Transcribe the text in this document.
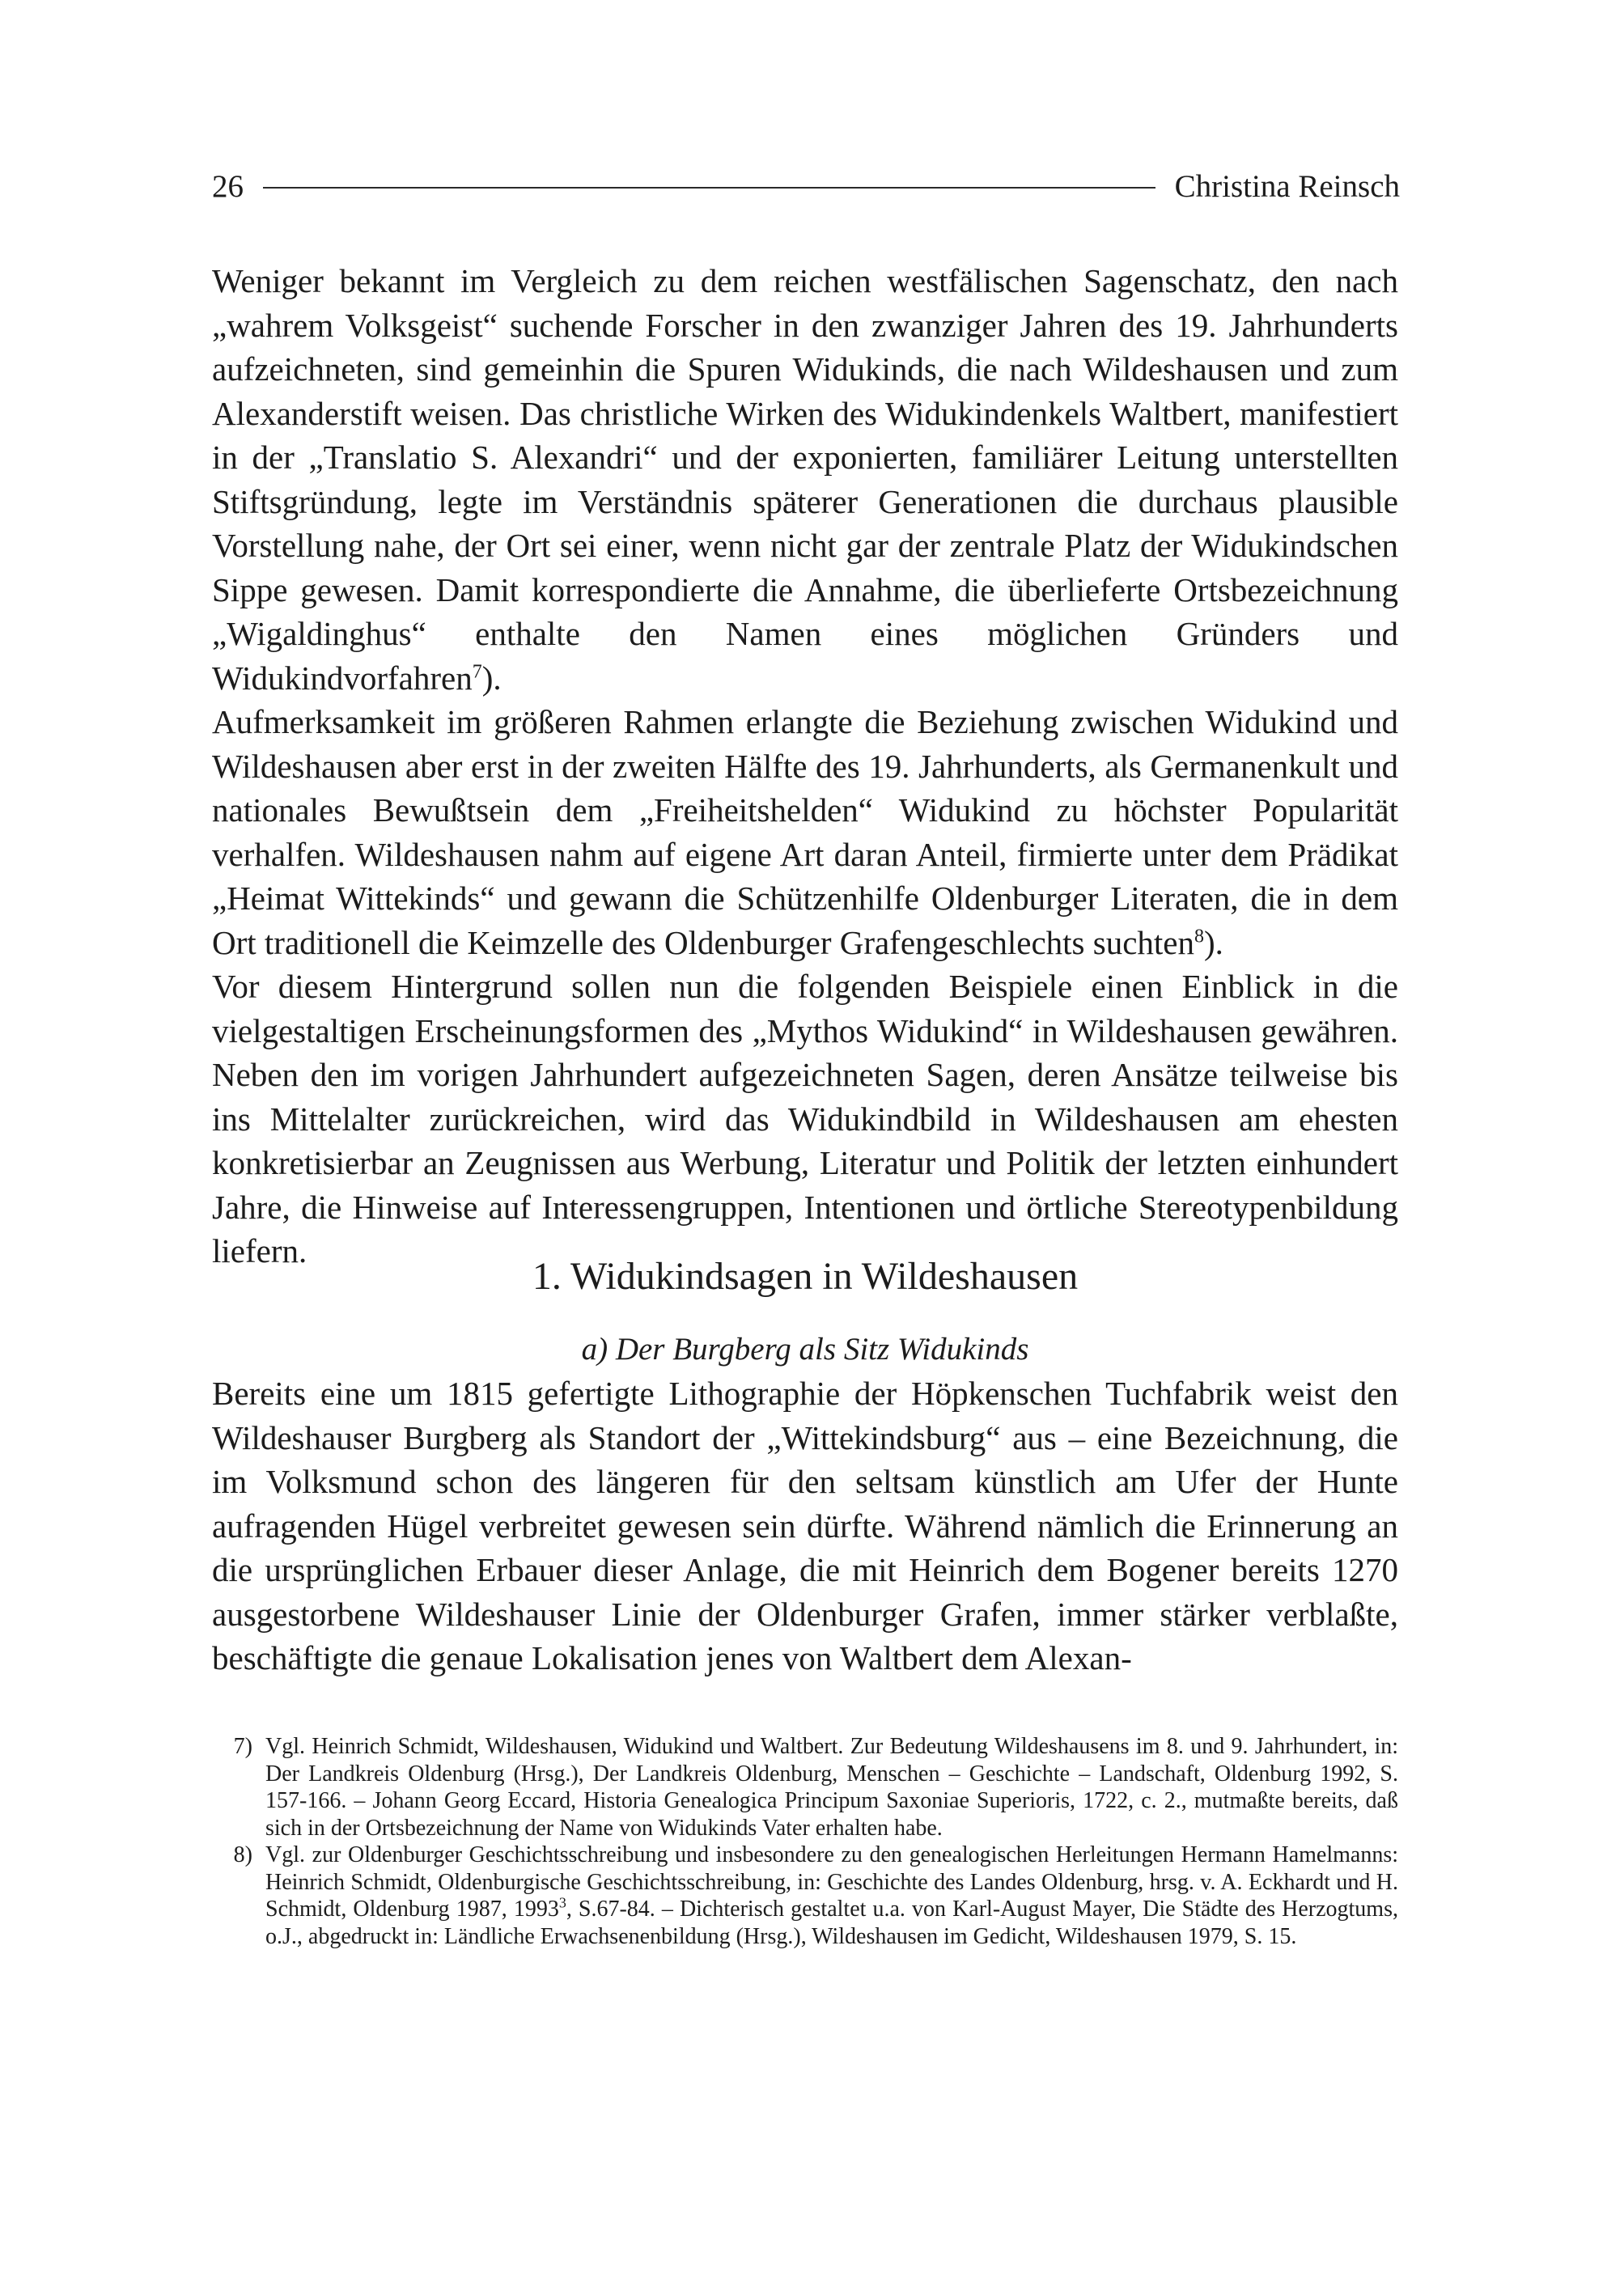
26	Christina Reinsch

Weniger bekannt im Vergleich zu dem reichen westfälischen Sagenschatz, den nach „wahrem Volksgeist“ suchende Forscher in den zwanziger Jahren des 19. Jahrhunderts aufzeichneten, sind gemeinhin die Spuren Widukinds, die nach Wildeshausen und zum Alexanderstift weisen. Das christliche Wirken des Widukindenkels Waltbert, manifestiert in der „Translatio S. Alexandri“ und der exponierten, familiärer Leitung unterstellten Stiftsgründung, legte im Verständnis späterer Generationen die durchaus plausible Vorstellung nahe, der Ort sei einer, wenn nicht gar der zentrale Platz der Widukindschen Sippe gewesen. Damit korrespondierte die Annahme, die überlieferte Ortsbezeichnung „Wigaldinghus“ enthalte den Namen eines möglichen Gründers und Widukindvorfahren$^7$).

Aufmerksamkeit im größeren Rahmen erlangte die Beziehung zwischen Widukind und Wildeshausen aber erst in der zweiten Hälfte des 19. Jahrhunderts, als Germanenkult und nationales Bewußtsein dem „Freiheitshelden“ Widukind zu höchster Popularität verhalfen. Wildeshausen nahm auf eigene Art daran Anteil, firmierte unter dem Prädikat „Heimat Wittekinds“ und gewann die Schützenhilfe Oldenburger Literaten, die in dem Ort traditionell die Keimzelle des Oldenburger Grafengeschlechts suchten$^8$).

Vor diesem Hintergrund sollen nun die folgenden Beispiele einen Einblick in die vielgestaltigen Erscheinungsformen des „Mythos Widukind“ in Wildeshausen gewähren. Neben den im vorigen Jahrhundert aufgezeichneten Sagen, deren Ansätze teilweise bis ins Mittelalter zurückreichen, wird das Widukindbild in Wildeshausen am ehesten konkretisierbar an Zeugnissen aus Werbung, Literatur und Politik der letzten einhundert Jahre, die Hinweise auf Interessengruppen, Intentionen und örtliche Stereotypenbildung liefern.

1. Widukindsagen in Wildeshausen
a) Der Burgberg als Sitz Widukinds

Bereits eine um 1815 gefertigte Lithographie der Höpkenschen Tuchfabrik weist den Wildeshauser Burgberg als Standort der „Wittekindsburg“ aus – eine Bezeichnung, die im Volksmund schon des längeren für den seltsam künstlich am Ufer der Hunte aufragenden Hügel verbreitet gewesen sein dürfte. Während nämlich die Erinnerung an die ursprünglichen Erbauer dieser Anlage, die mit Heinrich dem Bogener bereits 1270 ausgestorbene Wildeshauser Linie der Oldenburger Grafen, immer stärker verblaßte, beschäftigte die genaue Lokalisation jenes von Waltbert dem Alexan-

7) Vgl. Heinrich Schmidt, Wildeshausen, Widukind und Waltbert. Zur Bedeutung Wildeshausens im 8. und 9. Jahrhundert, in: Der Landkreis Oldenburg (Hrsg.), Der Landkreis Oldenburg, Menschen – Geschichte – Landschaft, Oldenburg 1992, S. 157-166. – Johann Georg Eccard, Historia Genealogica Principum Saxoniae Superioris, 1722, c. 2., mutmaßte bereits, daß sich in der Ortsbezeichnung der Name von Widukinds Vater erhalten habe.
8) Vgl. zur Oldenburger Geschichtsschreibung und insbesondere zu den genealogischen Herleitungen Hermann Hamelmanns: Heinrich Schmidt, Oldenburgische Geschichtsschreibung, in: Geschichte des Landes Oldenburg, hrsg. v. A. Eckhardt und H. Schmidt, Oldenburg 1987, 1993$^3$, S.67-84. – Dichterisch gestaltet u.a. von Karl-August Mayer, Die Städte des Herzogtums, o.J., abgedruckt in: Ländliche Erwachsenenbildung (Hrsg.), Wildeshausen im Gedicht, Wildeshausen 1979, S. 15.
